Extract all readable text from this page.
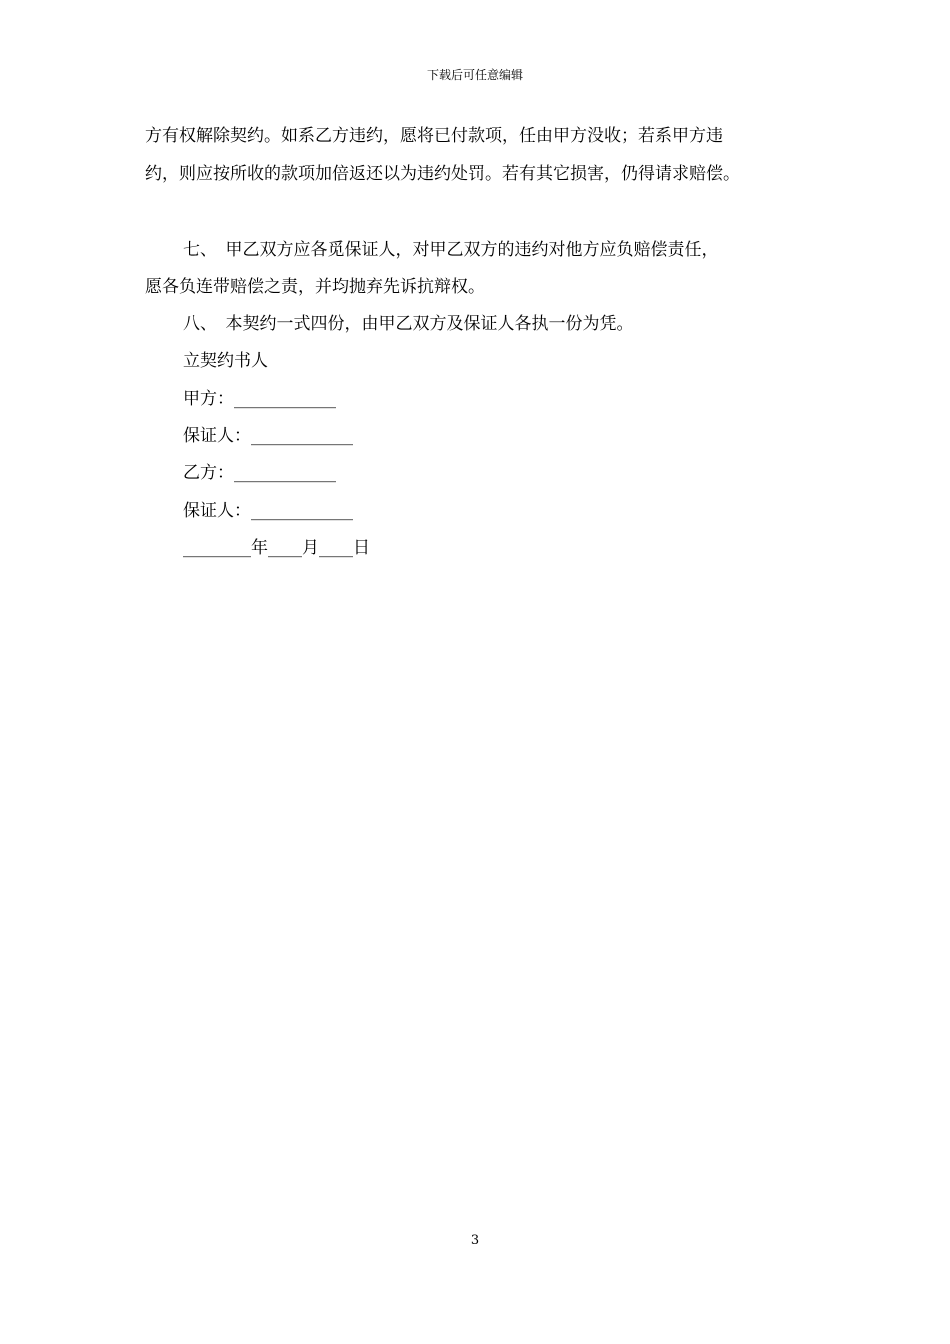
下载后可任意编辑
方有权解除契约。如系乙方违约，愿将已付款项，任由甲方没收；若系甲方违
约，则应按所收的款项加倍返还以为违约处罚。若有其它损害，仍得请求赔偿。
七、　甲乙双方应各觅保证人，对甲乙双方的违约对他方应负赔偿责任，
愿各负连带赔偿之责，并均抛弃先诉抗辩权。
八、　本契约一式四份，由甲乙双方及保证人各执一份为凭。
立契约书人
甲方：____________
保证人：____________
乙方：____________
保证人：____________
________年____月____日
3
